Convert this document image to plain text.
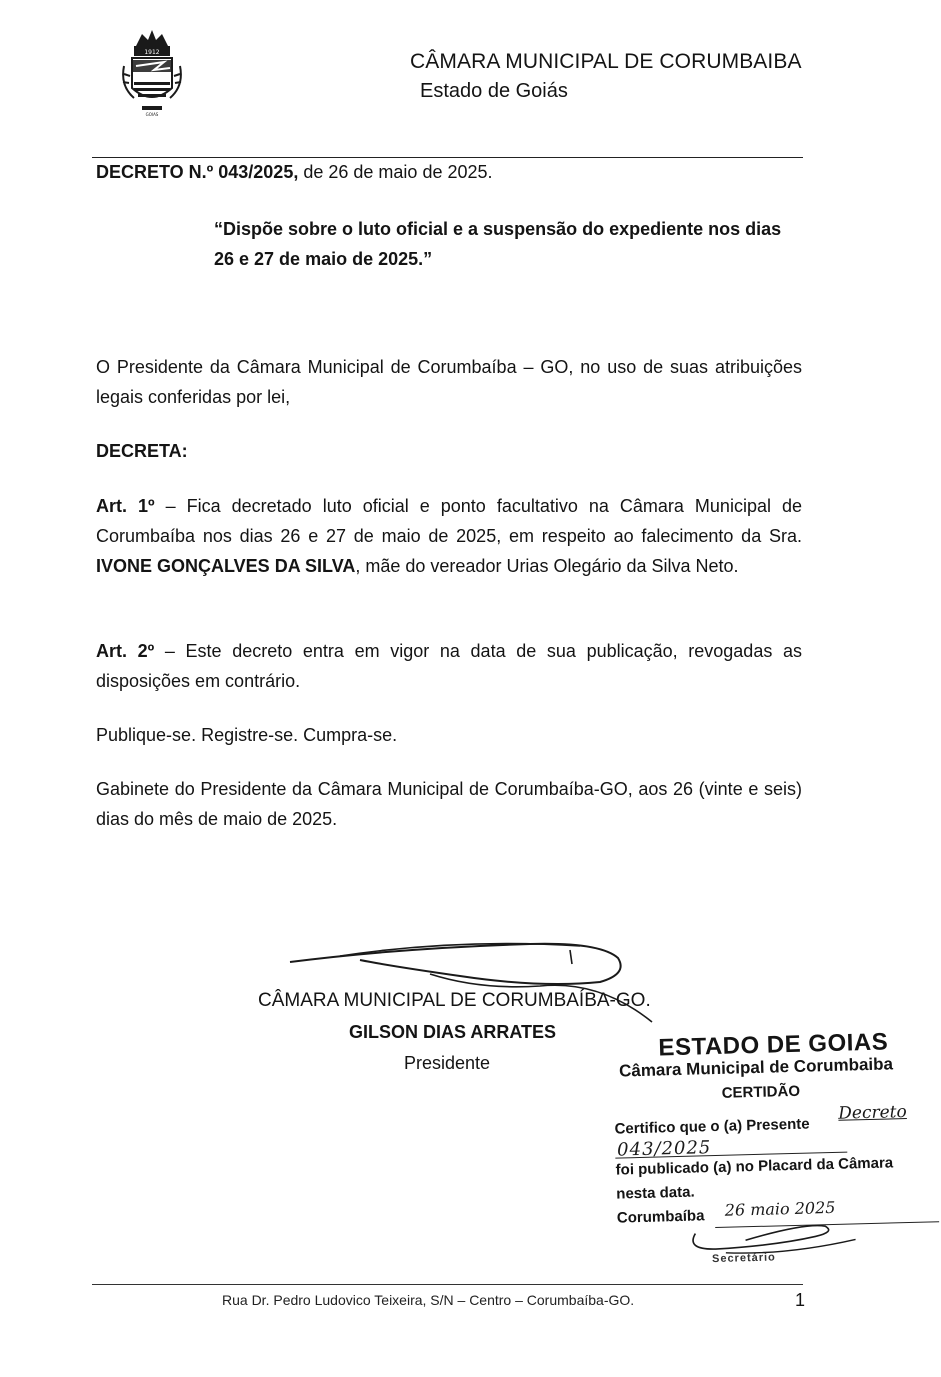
1912
GOIAS
CÂMARA MUNICIPAL DE CORUMBAIBA
Estado de Goiás
DECRETO N.º 043/2025, de 26 de maio de 2025.
“Dispõe sobre o luto oficial e a suspensão do expediente nos dias 26 e 27 de maio de 2025.”
O Presidente da Câmara Municipal de Corumbaíba – GO, no uso de suas atribuições legais conferidas por lei,
DECRETA:
Art. 1º – Fica decretado luto oficial e ponto facultativo na Câmara Municipal de Corumbaíba nos dias 26 e 27 de maio de 2025, em respeito ao falecimento da Sra. IVONE GONÇALVES DA SILVA, mãe do vereador Urias Olegário da Silva Neto.
Art. 2º – Este decreto entra em vigor na data de sua publicação, revogadas as disposições em contrário.
Publique-se. Registre-se. Cumpra-se.
Gabinete do Presidente da Câmara Municipal de Corumbaíba-GO, aos 26 (vinte e seis) dias do mês de maio de 2025.
CÂMARA MUNICIPAL DE CORUMBAÍBA-GO.
GILSON DIAS ARRATES
Presidente
ESTADO DE GOIAS
Câmara Municipal de Corumbaiba
CERTIDÃO
Certifico que o (a) Presente
Decreto
043/2025
foi publicado (a) no Placard da Câmara
nesta data.
Corumbaíba 26 maio 2025
Secretário
Rua Dr. Pedro Ludovico Teixeira, S/N – Centro – Corumbaíba-GO.	1
